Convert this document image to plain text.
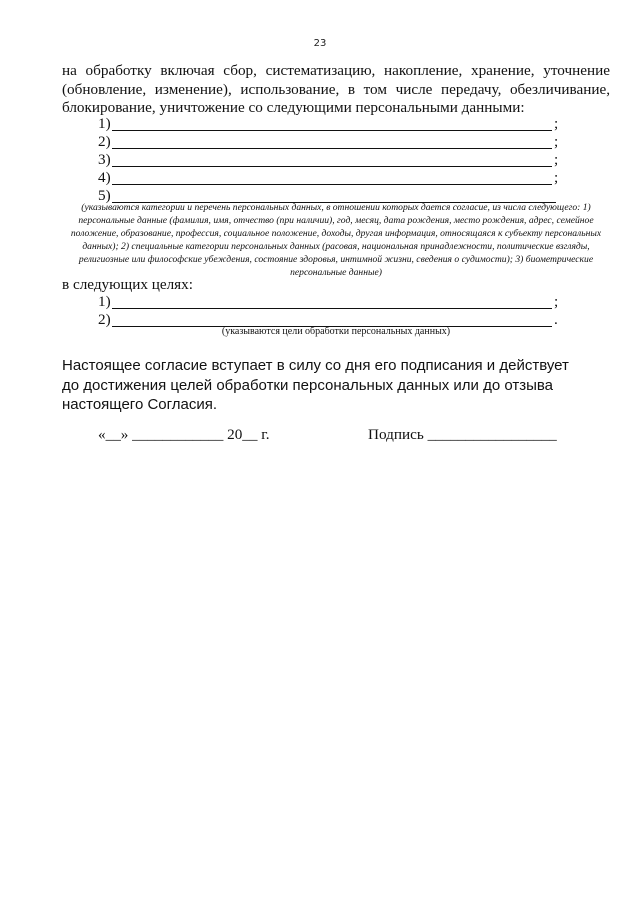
23
на обработку включая сбор, систематизацию, накопление, хранение, уточнение (обновление, изменение), использование, в том числе передачу, обезличивание, блокирование, уничтожение со следующими персональными данными:
1)	;
2)	;
3)	;
4)	;
5)
(указываются категории и перечень персональных данных, в отношении которых дается согласие, из числа следующего: 1) персональные данные (фамилия, имя, отчество (при наличии), год, месяц, дата рождения, место рождения, адрес, семейное положение, образование, профессия, социальное положение, доходы, другая информация, относящаяся к субъекту персональных данных); 2) специальные категории персональных данных (расовая, национальная принадлежности, политические взгляды, религиозные или философские убеждения, состояние здоровья, интимной жизни, сведения о судимости); 3) биометрические персональные данные)
в следующих целях:
1)	;
2)	.
(указываются цели обработки персональных данных)
Настоящее согласие вступает в силу со дня его подписания и действует до достижения целей обработки персональных данных или до отзыва настоящего Согласия.
«__» ____________ 20__ г.	Подпись _________________
